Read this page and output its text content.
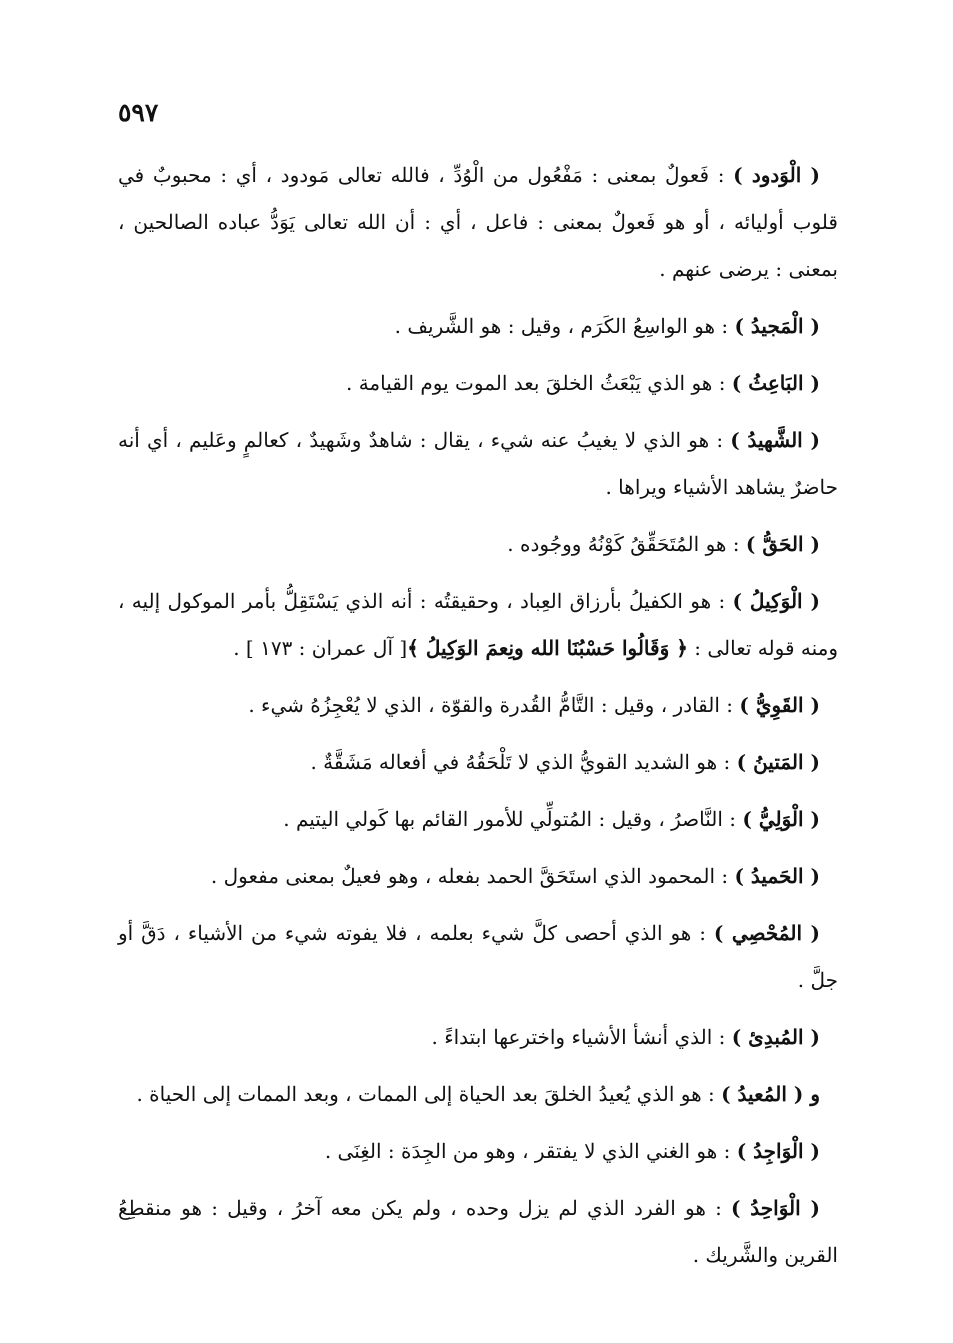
٥٩٧

( الْوَدود ) : فَعولٌ بمعنى : مَفْعُول من الْوُدِّ ، فالله تعالى مَودود ، أي : محبوبٌ في قلوب أوليائه ، أو هو فَعولٌ بمعنى : فاعل ، أي : أن الله تعالى يَوَدُّ عباده الصالحين ، بمعنى : يرضى عنهم .

( الْمَجيدُ ) : هو الواسِعُ الكَرَم ، وقيل : هو الشَّريف .

( البَاعِثُ ) : هو الذي يَبْعَثُ الخلقَ بعد الموت يوم القيامة .

( الشَّهيدُ ) : هو الذي لا يغيبُ عنه شيء ، يقال : شاهدٌ وشَهيدٌ ، كعالمٍ وعَليم ، أي أنه حاضرٌ يشاهد الأشياء ويراها .

( الحَقُّ ) : هو المُتَحَقِّقُ كَوْنُهُ ووجُوده .

( الْوَكِيلُ ) : هو الكفيلُ بأرزاق العِباد ، وحقيقتُه : أنه الذي يَسْتَقِلُّ بأمر الموكول إليه ، ومنه قوله تعالى : ﴿ وَقَالُوا حَسْبُنَا الله ونِعمَ الوَكِيلُ ﴾[ آل عمران : ١٧٣ ] .

( القَوِيُّ ) : القادر ، وقيل : التَّامُّ القُدرة والقوّة ، الذي لا يُعْجِزُهُ شيء .

( المَتينُ ) : هو الشديد القويُّ الذي لا تَلْحَقُهُ في أفعاله مَشَقَّةٌ .

( الْوَلِيُّ ) : النَّاصرُ ، وقيل : المُتولِّي للأمور القائم بها كَولي اليتيم .

( الحَميدُ ) : المحمود الذي استَحَقَّ الحمد بفعله ، وهو فعيلٌ بمعنى مفعول .

( المُحْصِي ) : هو الذي أحصى كلَّ شيء بعلمه ، فلا يفوته شيء من الأشياء ، دَقَّ أو جلَّ .

( المُبدِئ ) : الذي أنشأ الأشياء واخترعها ابتداءً .

و ( المُعيدُ ) : هو الذي يُعيدُ الخلقَ بعد الحياة إلى الممات ، وبعد الممات إلى الحياة .

( الْوَاجِدُ ) : هو الغني الذي لا يفتقر ، وهو من الجِدَة : الغِنَى .

( الْوَاحِدُ ) : هو الفرد الذي لم يزل وحده ، ولم يكن معه آخرُ ، وقيل : هو منقطِعُ القرين والشَّريك .
